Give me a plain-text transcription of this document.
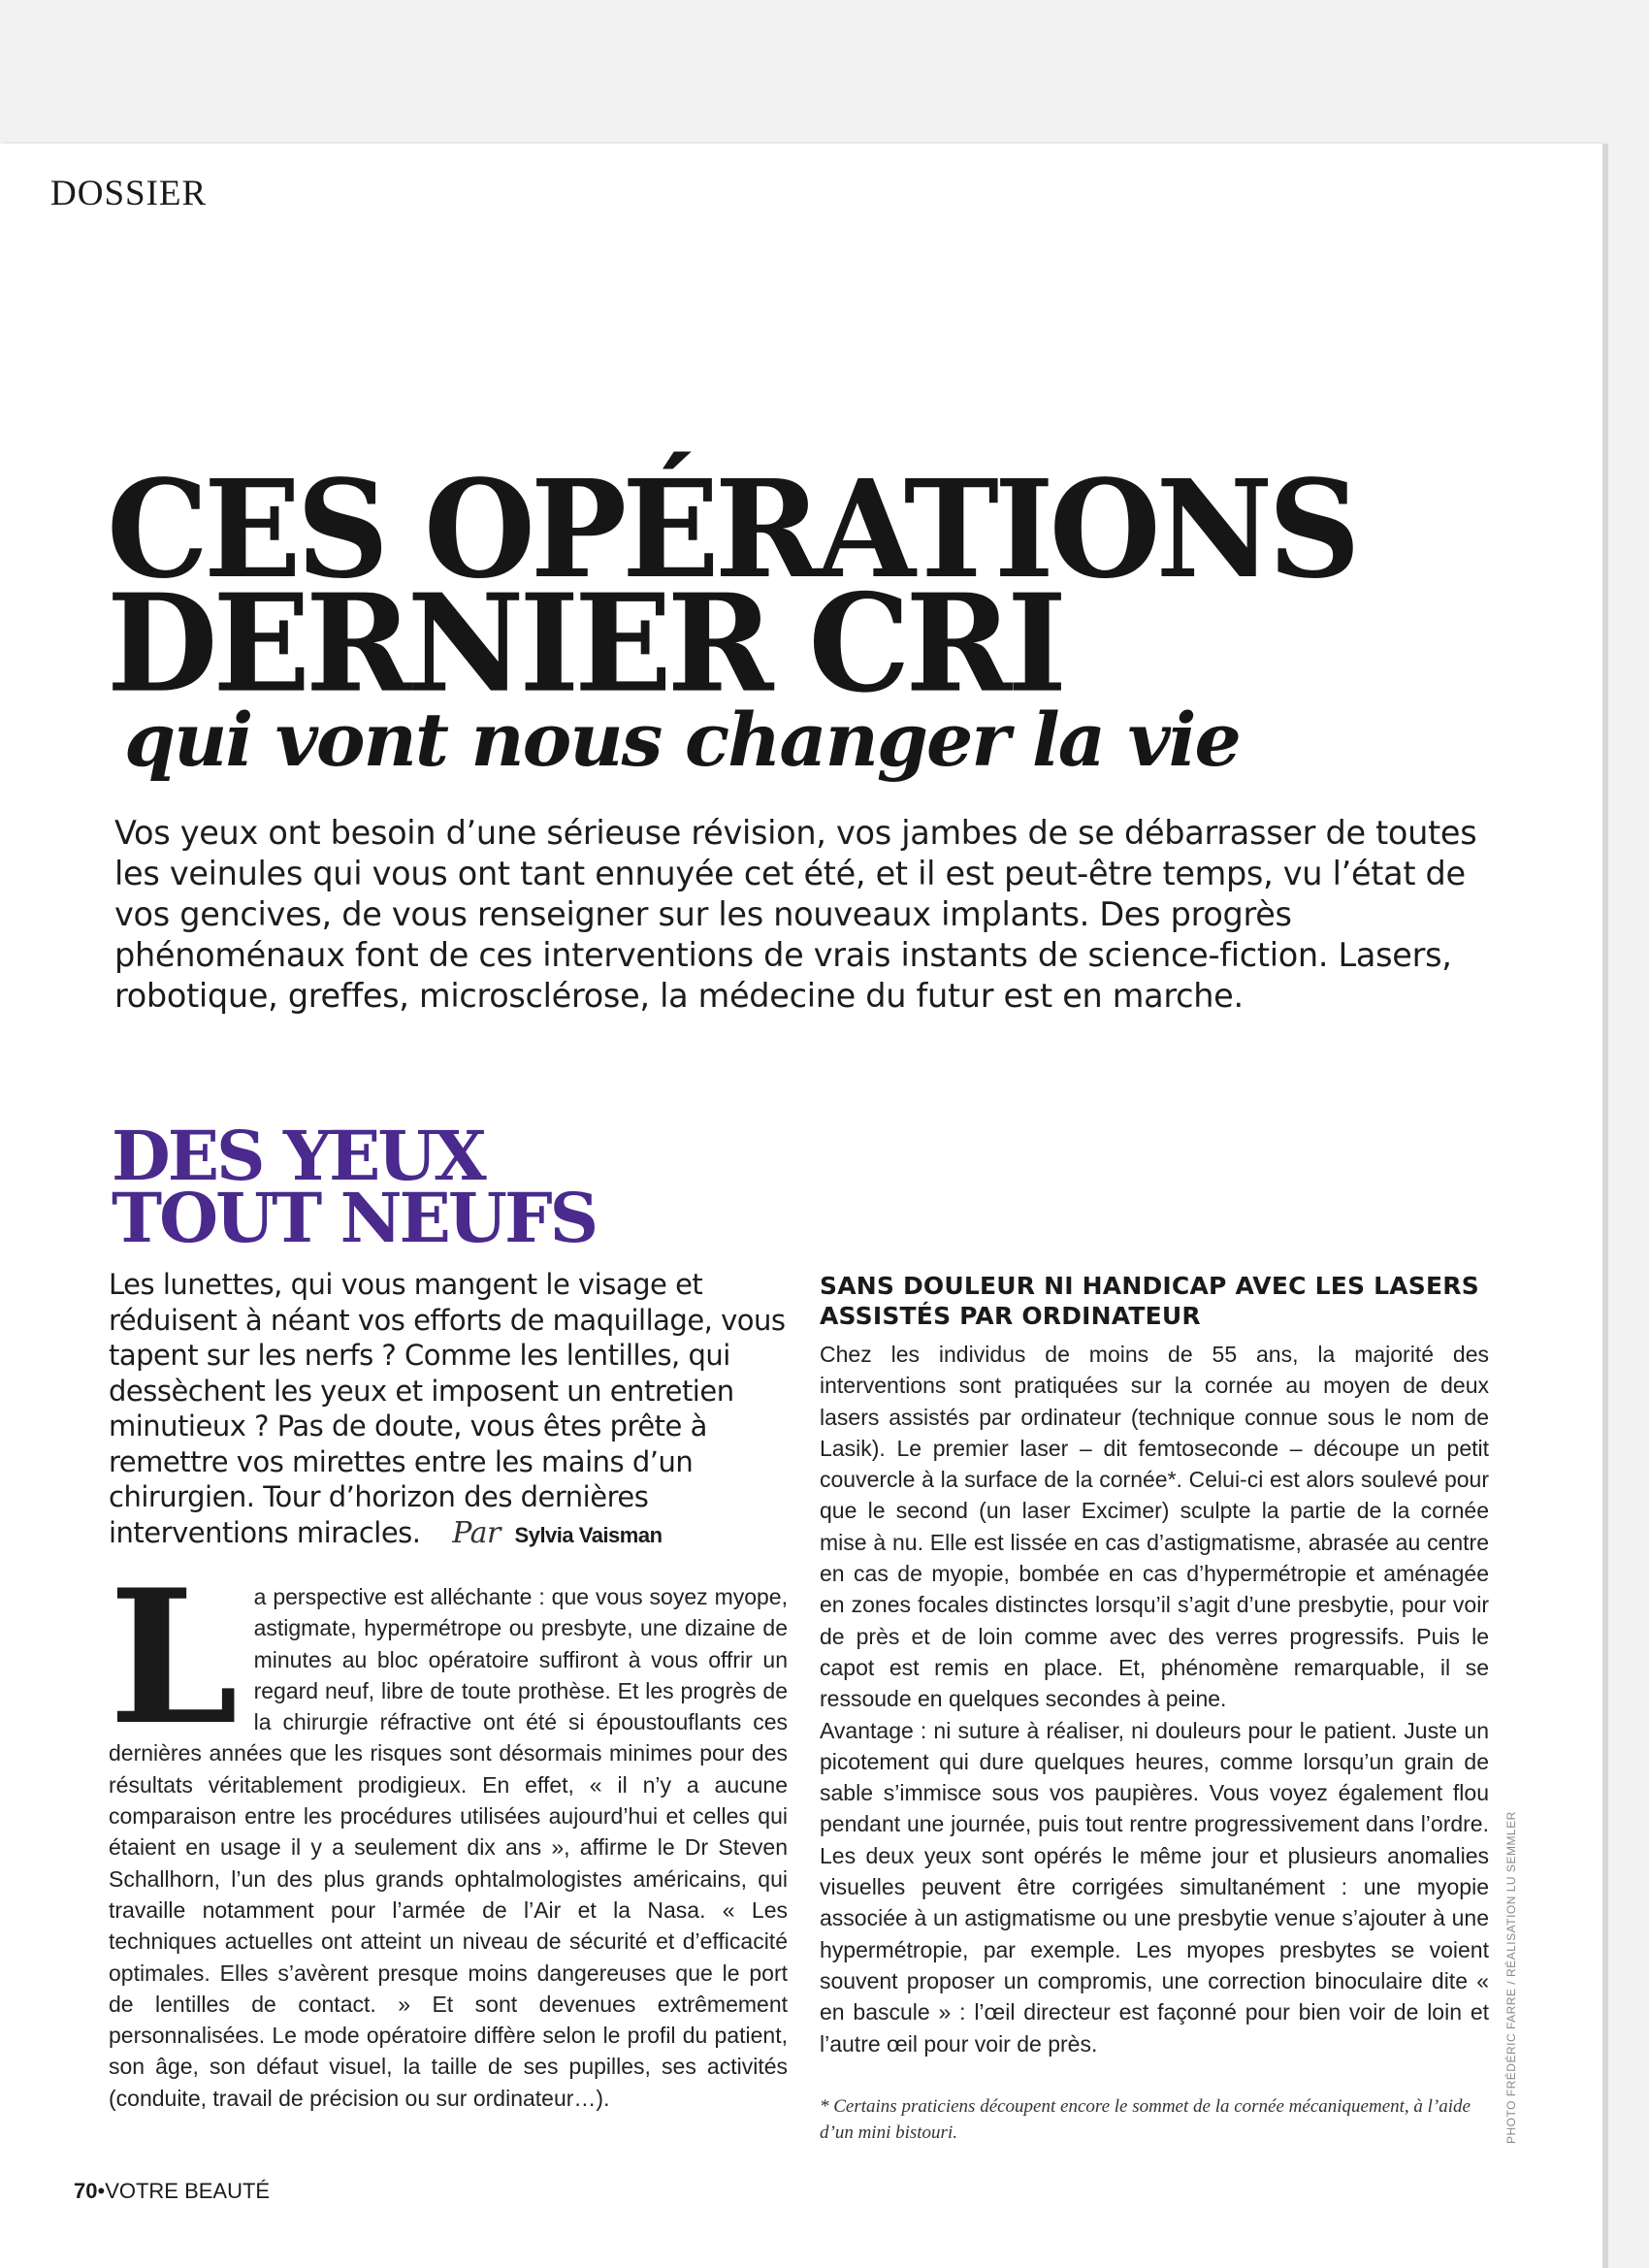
DOSSIER
CES OPÉRATIONS
DERNIER CRI
qui vont nous changer la vie
Vos yeux ont besoin d’une sérieuse révision, vos jambes de se débarrasser de toutes les veinules qui vous ont tant ennuyée cet été, et il est peut-être temps, vu l’état de vos gencives, de vous renseigner sur les nouveaux implants. Des progrès phénoménaux font de ces interventions de vrais instants de science-fiction. Lasers, robotique, greffes, microsclérose, la médecine du futur est en marche.
DES YEUX
TOUT NEUFS
Les lunettes, qui vous mangent le visage et réduisent à néant vos efforts de maquillage, vous tapent sur les nerfs ? Comme les lentilles, qui dessèchent les yeux et imposent un entretien minutieux ? Pas de doute, vous êtes prête à remettre vos mirettes entre les mains d’un chirurgien. Tour d’horizon des dernières interventions miracles. Par Sylvia Vaisman
L a perspective est alléchante : que vous soyez myope, astigmate, hypermétrope ou presbyte, une dizaine de minutes au bloc opératoire suffiront à vous offrir un regard neuf, libre de toute prothèse. Et les progrès de la chirurgie réfractive ont été si époustouflants ces dernières années que les risques sont désormais minimes pour des résultats véritablement prodigieux. En effet, « il n’y a aucune comparaison entre les procédures utilisées aujourd’hui et celles qui étaient en usage il y a seulement dix ans », affirme le Dr Steven Schallhorn, l’un des plus grands ophtalmologistes américains, qui travaille notamment pour l’armée de l’Air et la Nasa. « Les techniques actuelles ont atteint un niveau de sécurité et d’efficacité optimales. Elles s’avèrent presque moins dangereuses que le port de lentilles de contact. » Et sont devenues extrêmement personnalisées. Le mode opératoire diffère selon le profil du patient, son âge, son défaut visuel, la taille de ses pupilles, ses activités (conduite, travail de précision ou sur ordinateur…).

SANS DOULEUR NI HANDICAP AVEC LES LASERS ASSISTÉS PAR ORDINATEUR

Chez les individus de moins de 55 ans, la majorité des interventions sont pratiquées sur la cornée au moyen de deux lasers assistés par ordinateur (technique connue sous le nom de Lasik). Le premier laser – dit femtoseconde – découpe un petit couvercle à la surface de la cornée*. Celui-ci est alors soulevé pour que le second (un laser Excimer) sculpte la partie de la cornée mise à nu. Elle est lissée en cas d’astigmatisme, abrasée au centre en cas de myopie, bombée en cas d’hypermétropie et aménagée en zones focales distinctes lorsqu’il s’agit d’une presbytie, pour voir de près et de loin comme avec des verres progressifs. Puis le capot est remis en place. Et, phénomène remarquable, il se ressoude en quelques secondes à peine.

Avantage : ni suture à réaliser, ni douleurs pour le patient. Juste un picotement qui dure quelques heures, comme lorsqu’un grain de sable s’immisce sous vos paupières. Vous voyez également flou pendant une journée, puis tout rentre progressivement dans l’ordre. Les deux yeux sont opérés le même jour et plusieurs anomalies visuelles peuvent être corrigées simultanément : une myopie associée à un astigmatisme ou une presbytie venue s’ajouter à une hypermétropie, par exemple. Les myopes presbytes se voient souvent proposer un compromis, une correction binoculaire dite « en bascule » : l’œil directeur est façonné pour bien voir de loin et l’autre œil pour voir de près.

* Certains praticiens découpent encore le sommet de la cornée mécaniquement, à l’aide d’un mini bistouri.	PHOTO FRÉDÉRIC FARRE / RÉALISATION LU SEMMLER
70•VOTRE BEAUTÉ
